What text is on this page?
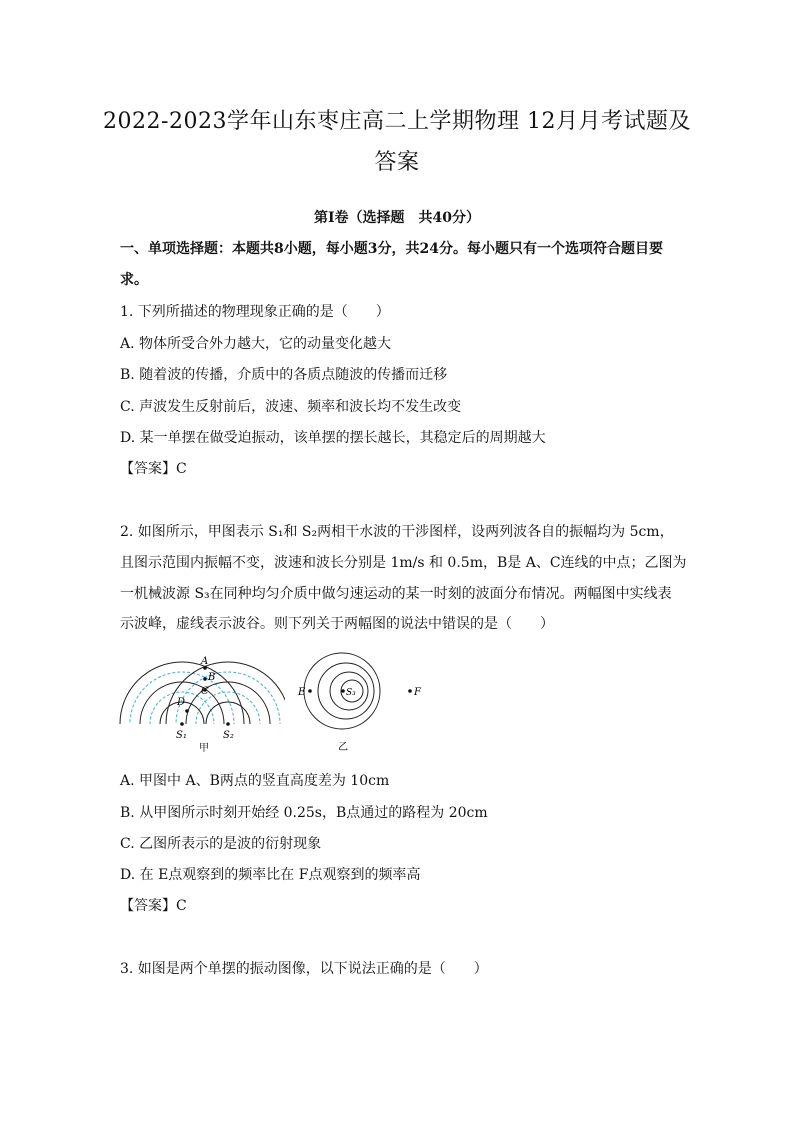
2022-2023学年山东枣庄高二上学期物理 12月月考试题及
答案
第Ⅰ卷（选择题　共40分）
一、单项选择题：本题共8小题，每小题3分，共24分。每小题只有一个选项符合题目要
求。
1. 下列所描述的物理现象正确的是（　　）
A. 物体所受合外力越大，它的动量变化越大
B. 随着波的传播，介质中的各质点随波的传播而迁移
C. 声波发生反射前后，波速、频率和波长均不发生改变
D. 某一单摆在做受迫振动，该单摆的摆长越长，其稳定后的周期越大
【答案】C
2. 如图所示，甲图表示 S₁和 S₂两相干水波的干涉图样，设两列波各自的振幅均为 5cm，
且图示范围内振幅不变，波速和波长分别是 1m/s 和 0.5m，B是 A、C连线的中点；乙图为
一机械波源 S₃在同种均匀介质中做匀速运动的某一时刻的波面分布情况。两幅图中实线表
示波峰，虚线表示波谷。则下列关于两幅图的说法中错误的是（　　）
A
B
C
D
S₁	S₂
甲
S₃
E	F
乙
A. 甲图中 A、B两点的竖直高度差为 10cm
B. 从甲图所示时刻开始经 0.25s，B点通过的路程为 20cm
C. 乙图所表示的是波的衍射现象
D. 在 E点观察到的频率比在 F点观察到的频率高
【答案】C
3. 如图是两个单摆的振动图像，以下说法正确的是（　　）
